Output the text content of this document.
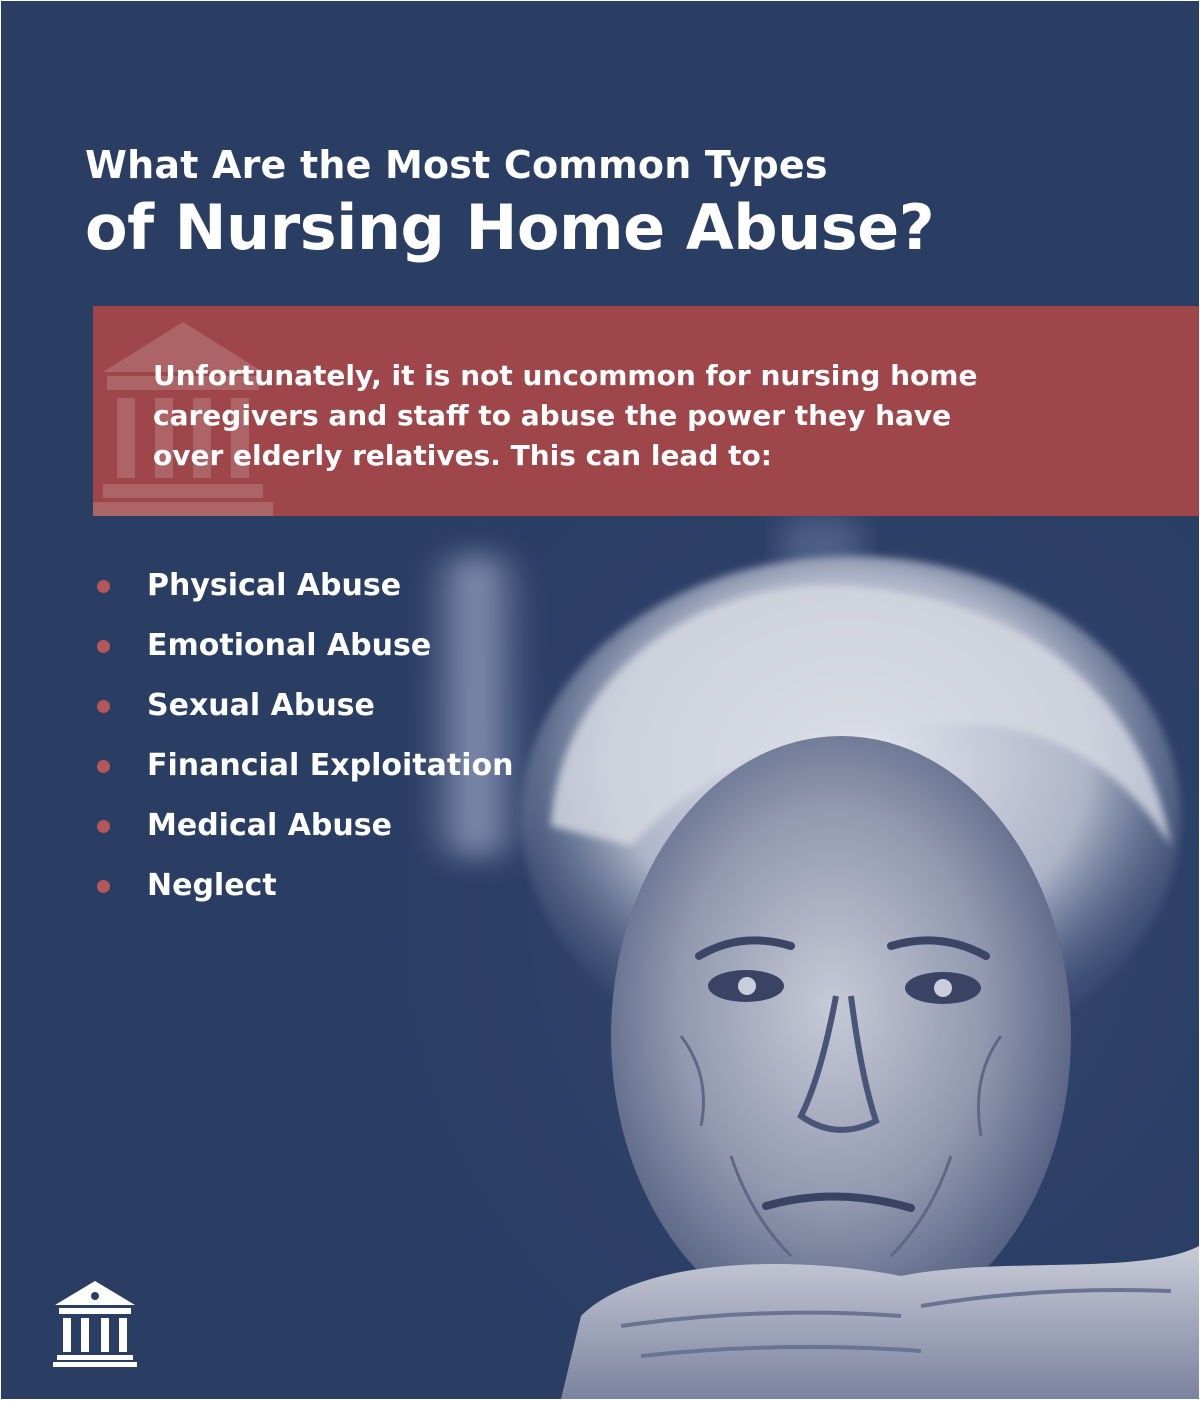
What Are the Most Common Types
of Nursing Home Abuse?
Unfortunately, it is not uncommon for nursing home
caregivers and staff to abuse the power they have
over elderly relatives. This can lead to:
Physical Abuse
Emotional Abuse
Sexual Abuse
Financial Exploitation
Medical Abuse
Neglect
